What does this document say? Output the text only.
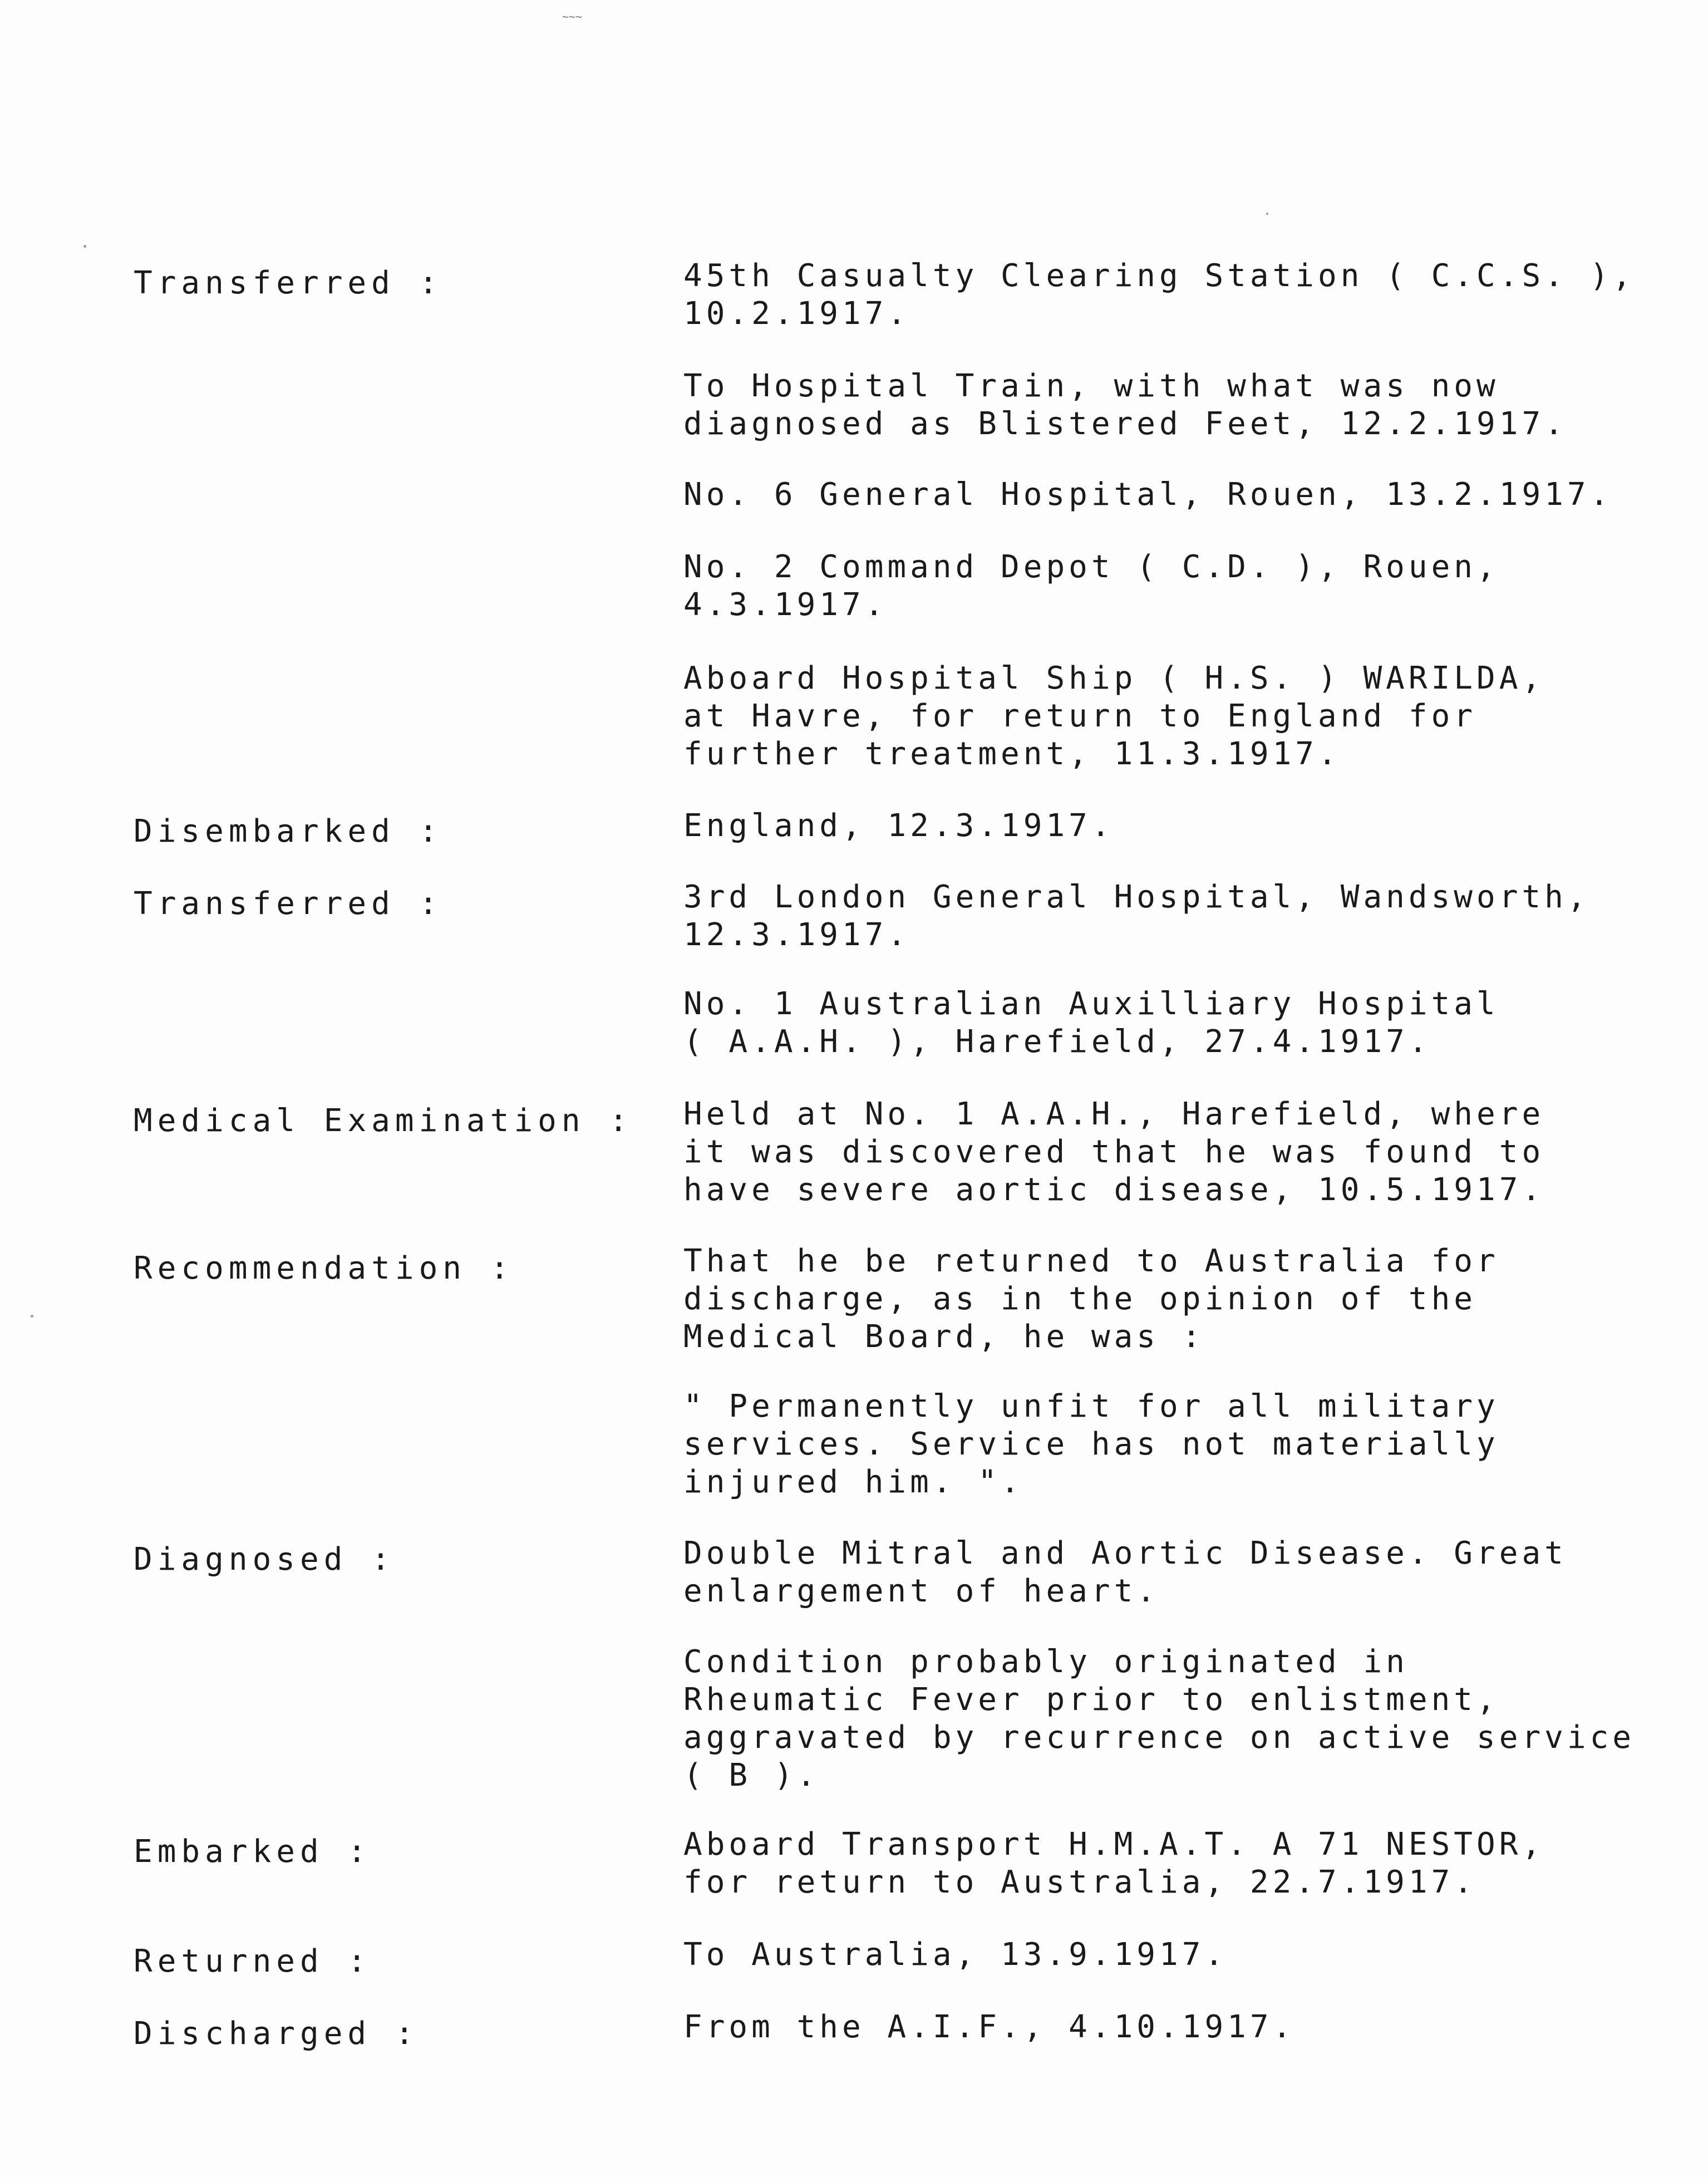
~~~
Transferred :	45th Casualty Clearing Station ( C.C.S. ),
10.2.1917.
To Hospital Train, with what was now
diagnosed as Blistered Feet, 12.2.1917.
No. 6 General Hospital, Rouen, 13.2.1917.
No. 2 Command Depot ( C.D. ), Rouen,
4.3.1917.
Aboard Hospital Ship ( H.S. ) WARILDA,
at Havre, for return to England for
further treatment, 11.3.1917.
Disembarked :	England, 12.3.1917.
Transferred :	3rd London General Hospital, Wandsworth,
12.3.1917.
No. 1 Australian Auxilliary Hospital
( A.A.H. ), Harefield, 27.4.1917.
Medical Examination : Held at No. 1 A.A.H., Harefield, where
it was discovered that he was found to
have severe aortic disease, 10.5.1917.
Recommendation :	That he be returned to Australia for
discharge, as in the opinion of the
Medical Board, he was :
" Permanently unfit for all military
services. Service has not materially
injured him. ".
Diagnosed :	Double Mitral and Aortic Disease. Great
enlargement of heart.
Condition probably originated in
Rheumatic Fever prior to enlistment,
aggravated by recurrence on active service
( B ).
Embarked :	Aboard Transport H.M.A.T. A 71 NESTOR,
for return to Australia, 22.7.1917.
Returned :	To Australia, 13.9.1917.
Discharged :	From the A.I.F., 4.10.1917.
